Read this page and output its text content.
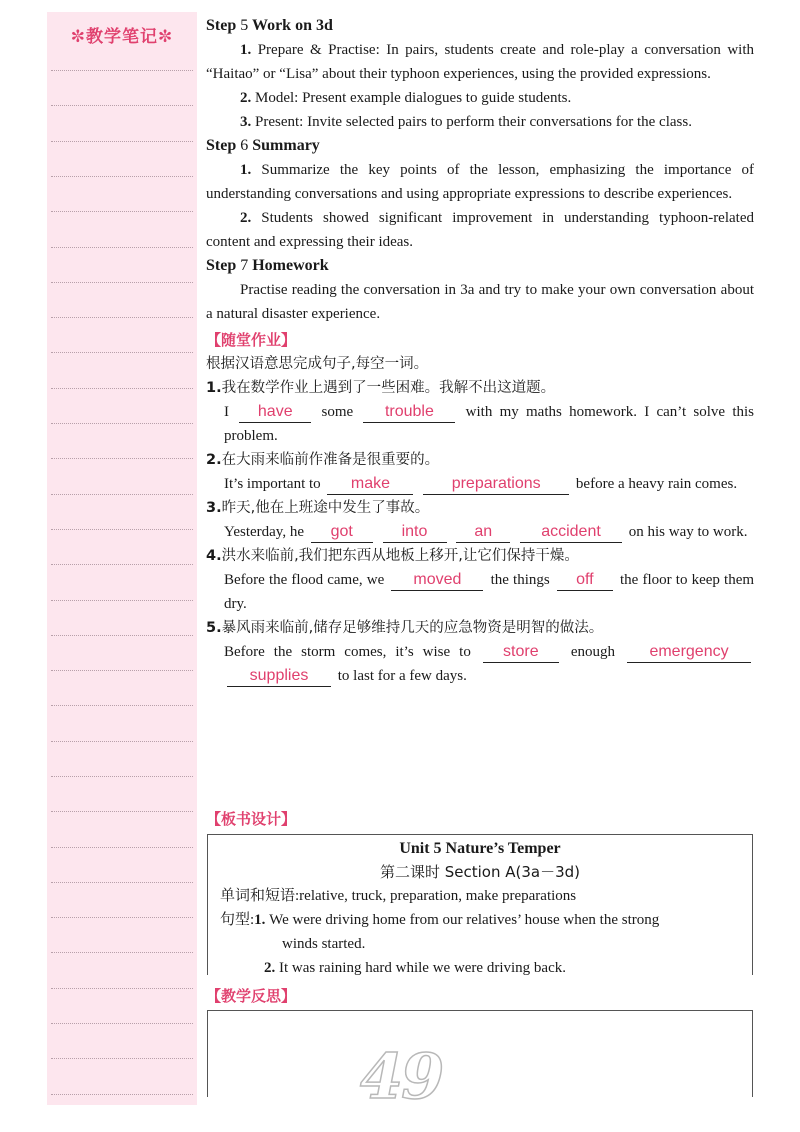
✼教学笔记✼

Step 5 Work on 3d

1. Prepare & Practise: In pairs, students create and role-play a conversation with “Haitao” or “Lisa” about their typhoon experiences, using the provided expressions.

2. Model: Present example dialogues to guide students.

3. Present: Invite selected pairs to perform their conversations for the class.

Step 6 Summary

1. Summarize the key points of the lesson, emphasizing the importance of understanding conversations and using appropriate expressions to describe experiences.

2. Students showed significant improvement in understanding typhoon-related content and expressing their ideas.

Step 7 Homework

Practise reading the conversation in 3a and try to make your own conversation about a natural disaster experience.

【随堂作业】

根据汉语意思完成句子,每空一词。

1.我在数学作业上遇到了一些困难。我解不出这道题。

I have some trouble with my maths homework. I can’t solve this problem.

2.在大雨来临前作准备是很重要的。

It’s important to make	preparations before a heavy rain comes.

3.昨天,他在上班途中发生了事故。

Yesterday, he got	into	an	accident on his way to work.

4.洪水来临前,我们把东西从地板上移开,让它们保持干燥。

Before the flood came, we moved the things off the floor to keep them dry.

5.暴风雨来临前,储存足够维持几天的应急物资是明智的做法。

Before the storm comes, it’s wise to store enough emergency supplies to last for a few days.

【板书设计】
Unit 5 Nature’s Temper
第二课时 Section A(3a－3d)
单词和短语:relative, truck, preparation, make preparations
句型:1. We were driving home from our relatives’ house when the strong
winds started.
2. It was raining hard while we were driving back.
【教学反思】
49
